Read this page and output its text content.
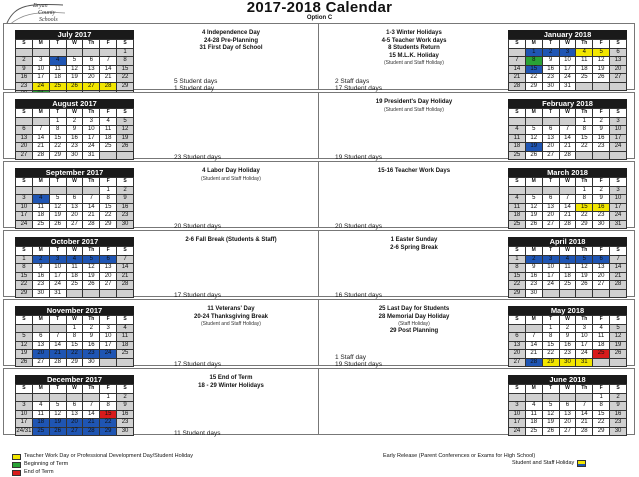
Bryan
County
Schools
2017-2018 Calendar
Option C
July 2017
S	M	T	W	Th	F	S
						1
2	3	4	5	6	7	8
9	10	11	12	13	14	15
16	17	18	19	20	21	22
23	24	25	26	27	28	29

4 Independence Day
24-28 Pre-Planning
31 First Day of School
5 Student days
1 Student day
August 2017
S	M	T	W	Th	F	S
		1	2	3	4	5
6	7	8	9	10	11	12
13	14	15	16	17	18	19
20	21	22	23	24	25	26
27	28	29	30	31			23 Student days
September 2017
S	M	T	W	Th	F	S
					1	2
3	4	5	6	7	8	9
10	11	12	13	14	15	16
17	18	19	20	21	22	23
24	25	26	27	28	29	30
4 Labor Day Holiday
(Student and Staff Holiday)
20 Student days
October 2017
S	M	T	W	Th	F	S
1	2	3	4	5	6	7
8	9	10	11	12	13	14
15	16	17	18	19	20	21
22	23	24	25	26	27	28
29	30	31				
2-6 Fall Break (Students & Staff)
17 Student days
November 2017
S	M	T	W	Th	F	S
			1	2	3	4
5	6	7	8	9	10	11
12	13	14	15	16	17	18
19	20	21	22	23	24	25
26	27	28	29	30		
11 Veterans' Day
20-24 Thanksgiving Break
(Student and Staff Holiday)
17 Student days
December 2017
S	M	T	W	Th	F	S
					1	2
3	4	5	6	7	8	9
10	11	12	13	14	15	16
17	18	19	20	21	22	23
24/31	25	26	27	28	29	30
15 End of Term
18 - 29 Winter Holidays
11 Student days
January 2018
S	M	T	W	Th	F	S
	1	2	3	4	5	6
7	8	9	10	11	12	13
14	15	16	17	18	19	20
21	22	23	24	25	26	27
28	29	30	31			
1-3 Winter Holidays
4-5 Teacher Work days
8 Students Return
15 M.L.K. Holiday
(Student and Staff Holiday)
2 Staff days
17 Student days
February 2018
S	M	T	W	Th	F	S
				1	2	3
4	5	6	7	8	9	10
11	12	13	14	15	16	17
18	19	20	21	22	23	24
25	26	27	28			
19 President's Day Holiday
(Student and Staff Holiday)
19 Student days
March 2018
S	M	T	W	Th	F	S
				1	2	3
4	5	6	7	8	9	10
11	12	13	14	15	16	17
18	19	20	21	22	23	24
25	26	27	28	29	30	31
15-16 Teacher Work Days
20 Student days
April 2018
S	M	T	W	Th	F	S
1	2	3	4	5	6	7
8	9	10	11	12	13	14
15	16	17	18	19	20	21
22	23	24	25	26	27	28
29	30					
1 Easter Sunday
2-6 Spring Break
16 Student days
May 2018
S	M	T	W	Th	F	S
		1	2	3	4	5
6	7	8	9	10	11	12
13	14	15	16	17	18	19
20	21	22	23	24	25	26
27	28	29	30	31		
25 Last Day for Students
28 Memorial Day Holiday
(Staff Holiday)
29 Post Planning
1 Staff day
19 Student days
June 2018
S	M	T	W	Th	F	S
					1	2
3	4	5	6	7	8	9
10	11	12	13	14	15	16
17	18	19	20	21	22	23
24	25	26	27	28	29	30
Teacher Work Day or Professional Development Day/Student Holiday
Beginning of Term
End of Term
Early Release (Parent Conferences or Exams for High School)
Student and Staff Holiday
